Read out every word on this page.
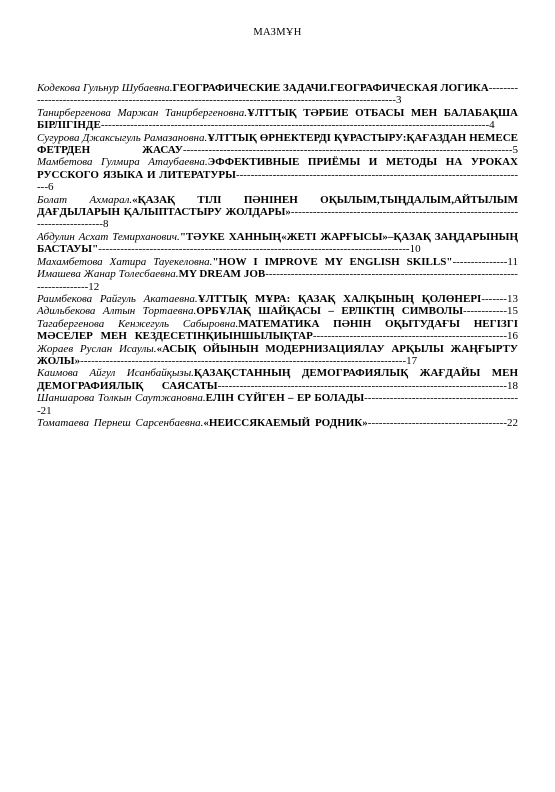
МАЗМҰН
Кодекова Гульнур Шубаевна.ГЕОГРАФИЧЕСКИЕ ЗАДАЧИ.ГЕОГРАФИЧЕСКАЯ ЛОГИКА----------------------------------------------------------------------------------------------------------3
Танирбергенова Маржан Танирбергеновна.ҰЛТТЫҚ ТӘРБИЕ ОТБАСЫ МЕН БАЛАБАҚША БІРЛІГІНДЕ----------------------------------------------------------------------------------------------------------4
Сугурова Джаксыгуль Рамазановна.ҰЛТТЫҚ ӨРНЕКТЕРДІ ҚҰРАСТЫРУ:ҚАҒАЗДАН НЕМЕСЕ ФЕТРДЕН ЖАСАУ------------------------------------------------------------------------------------------5
Мамбетова Гулмира Атаубаевна.ЭФФЕКТИВНЫЕ ПРИЁМЫ И МЕТОДЫ НА УРОКАХ РУССКОГО ЯЗЫКА И ЛИТЕРАТУРЫ--------------------------------------------------------------------------------6
Болат Ахмарал.«ҚАЗАҚ ТІЛІ ПӘНІНЕН ОҚЫЛЫМ,ТЫҢДАЛЫМ,АЙТЫЛЫМ ДАҒДЫЛАРЫН ҚАЛЫПТАСТЫРУ ЖОЛДАРЫ»--------------------------------------------------------------------------------8
Абдулин Асхат Темирханович."ТӘУКЕ ХАННЫҢ«ЖЕТІ ЖАРҒЫСЫ»–ҚАЗАҚ ЗАҢДАРЫНЫҢ БАСТАУЫ"-------------------------------------------------------------------------------------10
Махамбетова Хатира Тауекеловна."HOW I IMPROVE MY ENGLISH SKILLS"---------------11
Имашева Жанар Толесбаевна.MY DREAM JOB-----------------------------------------------------------------------------------12
Раимбекова Райгуль Акатаевна.ҰЛТТЫҚ МҰРА: ҚАЗАҚ ХАЛҚЫНЫҢ ҚОЛӨНЕРІ-------13
Адильбекова Алтын Тортаевна.ОРБҰЛАҚ ШАЙҚАСЫ – ЕРЛІКТІҢ СИМВОЛЫ------------15
Тагабергенова Кенжегуль Сабыровна.МАТЕМАТИКА ПӘНІН ОҚЫТУДАҒЫ НЕГІЗГІ МӘСЕЛЕР МЕН КЕЗДЕСЕТІНҚИЫНШЫЛЫҚТАР-----------------------------------------------------16
Жораев Руслан Исаулы.«АСЫҚ ОЙЫНЫН МОДЕРНИЗАЦИЯЛАУ АРҚЫЛЫ ЖАҢҒЫРТУ ЖОЛЫ»-----------------------------------------------------------------------------------------17
Каимова Айгул Исанбайқызы.ҚАЗАҚСТАННЫҢ ДЕМОГРАФИЯЛЫҚ ЖАҒДАЙЫ МЕН ДЕМОГРАФИЯЛЫҚ САЯСАТЫ-------------------------------------------------------------------------------18
Шаншарова Толкын Саутжановна.ЕЛІН СҮЙГЕН – ЕР БОЛАДЫ-------------------------------------------21
Томатаева Пернеш Сарсенбаевна.«НЕИССЯКАЕМЫЙ РОДНИК»--------------------------------------22
